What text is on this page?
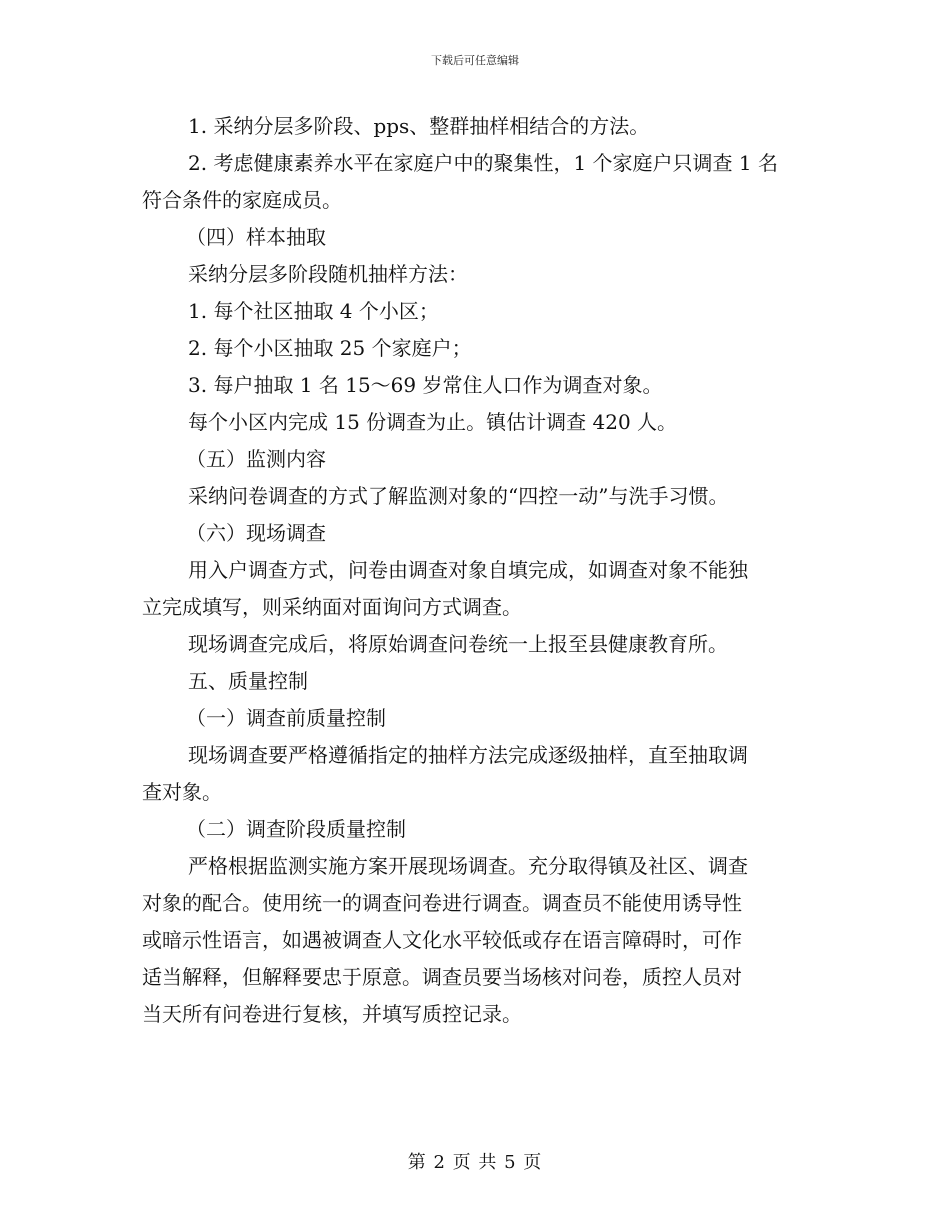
下载后可任意编辑
1. 采纳分层多阶段、pps、整群抽样相结合的方法。
2. 考虑健康素养水平在家庭户中的聚集性，1 个家庭户只调查 1 名
符合条件的家庭成员。
（四）样本抽取
采纳分层多阶段随机抽样方法：
1. 每个社区抽取 4 个小区；
2. 每个小区抽取 25 个家庭户；
3. 每户抽取 1 名 15～69 岁常住人口作为调查对象。
每个小区内完成 15 份调查为止。镇估计调查 420 人。
（五）监测内容
采纳问卷调查的方式了解监测对象的“四控一动”与洗手习惯。
（六）现场调查
用入户调查方式，问卷由调查对象自填完成，如调查对象不能独
立完成填写，则采纳面对面询问方式调查。
现场调查完成后，将原始调查问卷统一上报至县健康教育所。
五、质量控制
（一）调查前质量控制
现场调查要严格遵循指定的抽样方法完成逐级抽样，直至抽取调
查对象。
（二）调查阶段质量控制
严格根据监测实施方案开展现场调查。充分取得镇及社区、调查
对象的配合。使用统一的调查问卷进行调查。调查员不能使用诱导性
或暗示性语言，如遇被调查人文化水平较低或存在语言障碍时，可作
适当解释，但解释要忠于原意。调查员要当场核对问卷，质控人员对
当天所有问卷进行复核，并填写质控记录。
第 2 页 共 5 页
